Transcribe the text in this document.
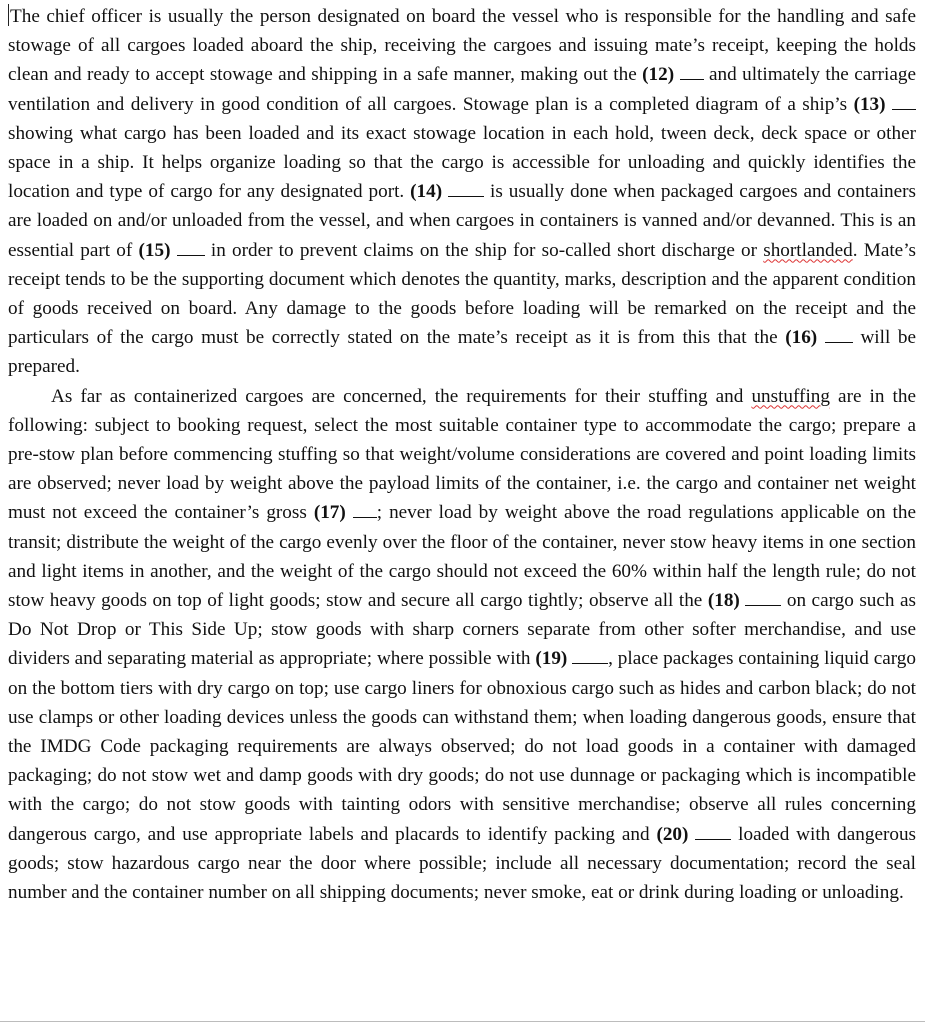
The chief officer is usually the person designated on board the vessel who is responsible for the handling and safe stowage of all cargoes loaded aboard the ship, receiving the cargoes and issuing mate’s receipt, keeping the holds clean and ready to accept stowage and shipping in a safe manner, making out the (12)  and ultimately the carriage ventilation and delivery in good condition of all cargoes. Stowage plan is a completed diagram of a ship’s (13)  showing what cargo has been loaded and its exact stowage location in each hold, tween deck, deck space or other space in a ship. It helps organize loading so that the cargo is accessible for unloading and quickly identifies the location and type of cargo for any designated port. (14)  is usually done when packaged cargoes and containers are loaded on and/or unloaded from the vessel, and when cargoes in containers is vanned and/or devanned. This is an essential part of (15)  in order to prevent claims on the ship for so-called short discharge or shortlanded. Mate’s receipt tends to be the supporting document which denotes the quantity, marks, description and the apparent condition of goods received on board. Any damage to the goods before loading will be remarked on the receipt and the particulars of the cargo must be correctly stated on the mate’s receipt as it is from this that the (16)  will be prepared.

As far as containerized cargoes are concerned, the requirements for their stuffing and unstuffing are in the following: subject to booking request, select the most suitable container type to accommodate the cargo; prepare a pre-stow plan before commencing stuffing so that weight/volume considerations are covered and point loading limits are observed; never load by weight above the payload limits of the container, i.e. the cargo and container net weight must not exceed the container’s gross (17) ; never load by weight above the road regulations applicable on the transit; distribute the weight of the cargo evenly over the floor of the container, never stow heavy items in one section and light items in another, and the weight of the cargo should not exceed the 60% within half the length rule; do not stow heavy goods on top of light goods; stow and secure all cargo tightly; observe all the (18)  on cargo such as Do Not Drop or This Side Up; stow goods with sharp corners separate from other softer merchandise, and use dividers and separating material as appropriate; where possible with (19) , place packages containing liquid cargo on the bottom tiers with dry cargo on top; use cargo liners for obnoxious cargo such as hides and carbon black; do not use clamps or other loading devices unless the goods can withstand them; when loading dangerous goods, ensure that the IMDG Code packaging requirements are always observed; do not load goods in a container with damaged packaging; do not stow wet and damp goods with dry goods; do not use dunnage or packaging which is incompatible with the cargo; do not stow goods with tainting odors with sensitive merchandise; observe all rules concerning dangerous cargo, and use appropriate labels and placards to identify packing and (20)  loaded with dangerous goods; stow hazardous cargo near the door where possible; include all necessary documentation; record the seal number and the container number on all shipping documents; never smoke, eat or drink during loading or unloading.
